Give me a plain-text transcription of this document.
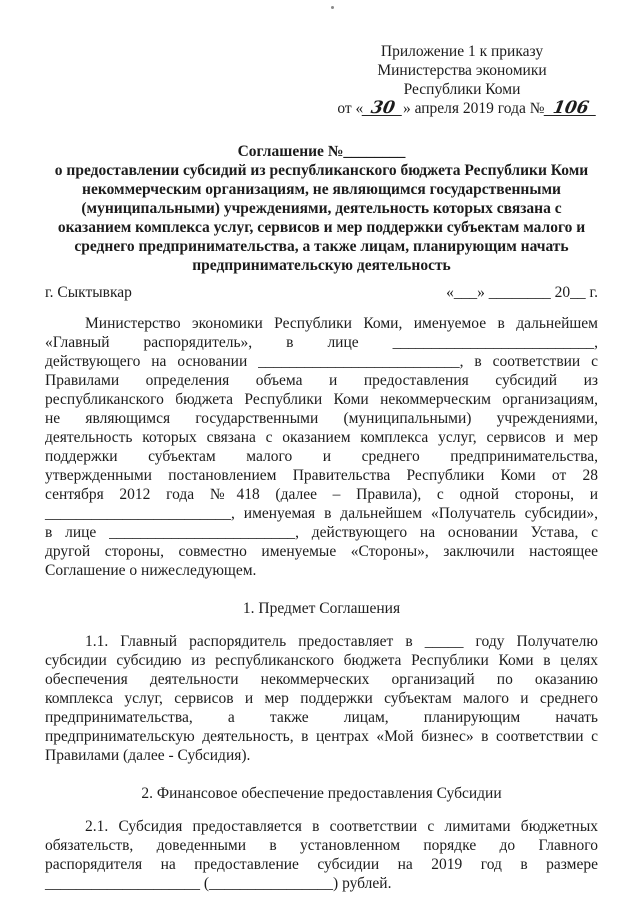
Приложение 1 к приказу
Министерства экономики
Республики Коми
от « 30 » апреля 2019 года № 106
Соглашение №________
о предоставлении субсидий из республиканского бюджета Республики Коми
некоммерческим организациям, не являющимся государственными
(муниципальными) учреждениями, деятельность которых связана с
оказанием комплекса услуг, сервисов и мер поддержки субъектам малого и
среднего предпринимательства, а также лицам, планирующим начать
предпринимательскую деятельность
г. Сыктывкар	«___» ________ 20__ г.
Министерство экономики Республики Коми, именуемое в дальнейшем
«Главный распорядитель», в лице __________________________,
действующего на основании __________________________, в соответствии с
Правилами определения объема и предоставления субсидий из
республиканского бюджета Республики Коми некоммерческим организациям,
не являющимся государственными (муниципальными) учреждениями,
деятельность которых связана с оказанием комплекса услуг, сервисов и мер
поддержки субъектам малого и среднего предпринимательства,
утвержденными постановлением Правительства Республики Коми от 28
сентября 2012 года №418 (далее – Правила), с одной стороны, и
________________________, именуемая в дальнейшем «Получатель субсидии»,
в лице ________________________, действующего на основании Устава, с
другой стороны, совместно именуемые «Стороны», заключили настоящее
Соглашение о нижеследующем.
1. Предмет Соглашения
1.1. Главный распорядитель предоставляет в _____ году Получателю
субсидии субсидию из республиканского бюджета Республики Коми в целях
обеспечения деятельности некоммерческих организаций по оказанию
комплекса услуг, сервисов и мер поддержки субъектам малого и среднего
предпринимательства, а также лицам, планирующим начать
предпринимательскую деятельность, в центрах «Мой бизнес» в соответствии с
Правилами (далее - Субсидия).
2. Финансовое обеспечение предоставления Субсидии
2.1. Субсидия предоставляется в соответствии с лимитами бюджетных
обязательств, доведенными в установленном порядке до Главного
распорядителя на предоставление субсидии на 2019 год в размере
____________________ (________________) рублей.
